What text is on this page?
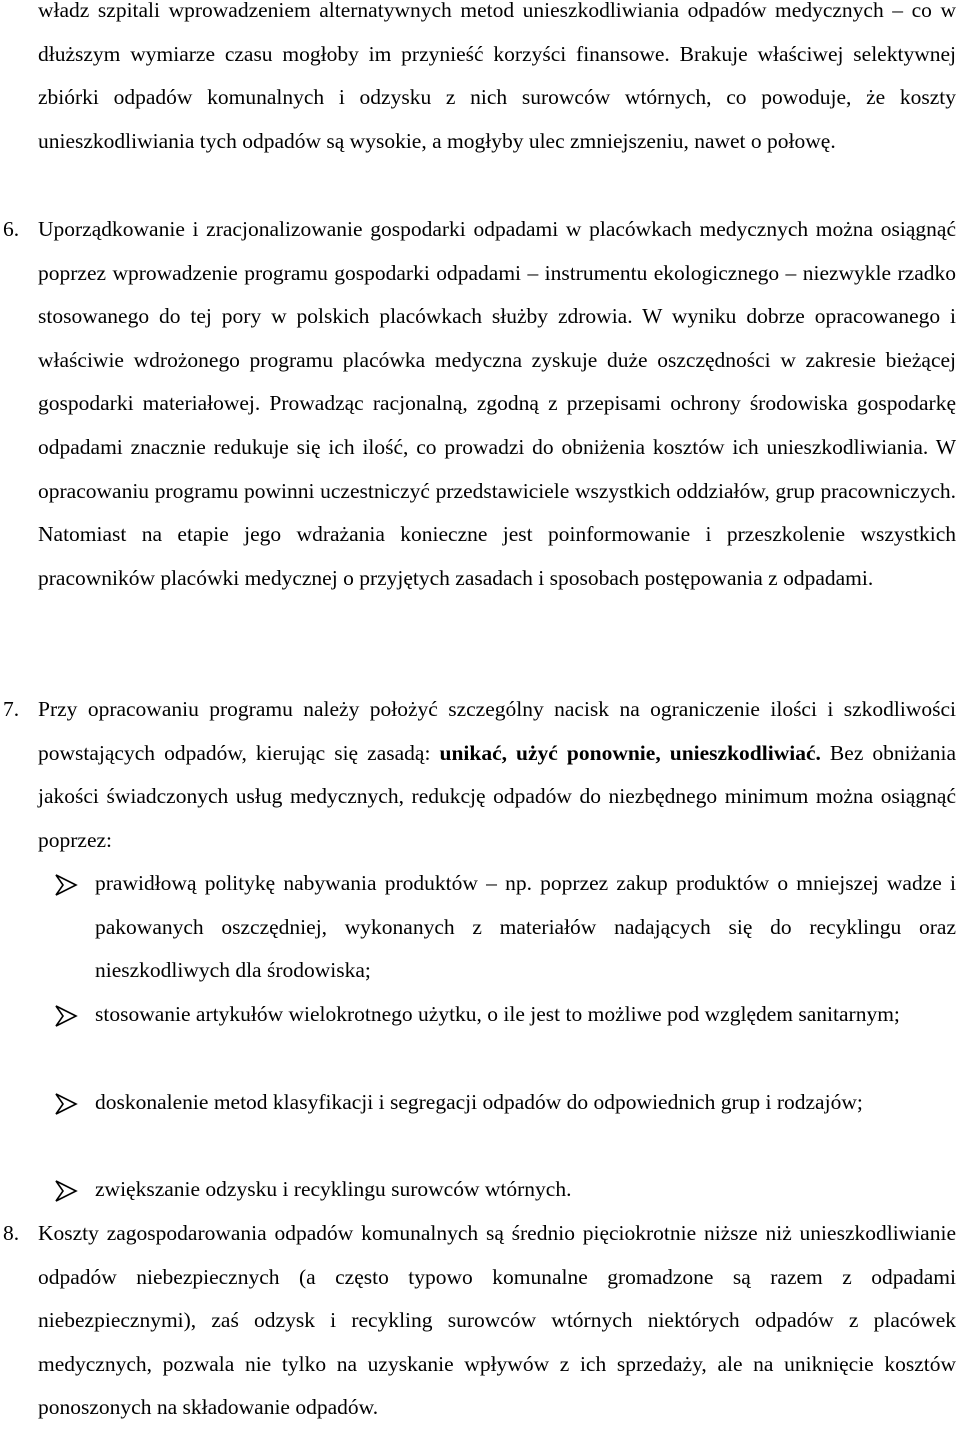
władz szpitali wprowadzeniem alternatywnych metod unieszkodliwiania odpadów medycznych – co w dłuższym wymiarze czasu mogłoby im przynieść korzyści finansowe. Brakuje właściwej selektywnej zbiórki odpadów komunalnych i odzysku z nich surowców wtórnych, co powoduje, że koszty unieszkodliwiania tych odpadów są wysokie, a mogłyby ulec zmniejszeniu, nawet o połowę.

6. Uporządkowanie i zracjonalizowanie gospodarki odpadami w placówkach medycznych można osiągnąć poprzez wprowadzenie programu gospodarki odpadami – instrumentu ekologicznego – niezwykle rzadko stosowanego do tej pory w polskich placówkach służby zdrowia. W wyniku dobrze opracowanego i właściwie wdrożonego programu placówka medyczna zyskuje duże oszczędności w zakresie bieżącej gospodarki materiałowej. Prowadząc racjonalną, zgodną z przepisami ochrony środowiska gospodarkę odpadami znacznie redukuje się ich ilość, co prowadzi do obniżenia kosztów ich unieszkodliwiania. W opracowaniu programu powinni uczestniczyć przedstawiciele wszystkich oddziałów, grup pracowniczych. Natomiast na etapie jego wdrażania konieczne jest poinformowanie i przeszkolenie wszystkich pracowników placówki medycznej o przyjętych zasadach i sposobach postępowania z odpadami.

7. Przy opracowaniu programu należy położyć szczególny nacisk na ograniczenie ilości i szkodliwości powstających odpadów, kierując się zasadą: unikać, użyć ponownie, unieszkodliwiać. Bez obniżania jakości świadczonych usług medycznych, redukcję odpadów do niezbędnego minimum można osiągnąć poprzez:

prawidłową politykę nabywania produktów – np. poprzez zakup produktów o mniejszej wadze i pakowanych oszczędniej, wykonanych z materiałów nadających się do recyklingu oraz nieszkodliwych dla środowiska;

stosowanie artykułów wielokrotnego użytku, o ile jest to możliwe pod względem sanitarnym;

doskonalenie metod klasyfikacji i segregacji odpadów do odpowiednich grup i rodzajów;

zwiększanie odzysku i recyklingu surowców wtórnych.

8. Koszty zagospodarowania odpadów komunalnych są średnio pięciokrotnie niższe niż unieszkodliwianie odpadów niebezpiecznych (a często typowo komunalne gromadzone są razem z odpadami niebezpiecznymi), zaś odzysk i recykling surowców wtórnych niektórych odpadów z placówek medycznych, pozwala nie tylko na uzyskanie wpływów z ich sprzedaży, ale na uniknięcie kosztów ponoszonych na składowanie odpadów.
